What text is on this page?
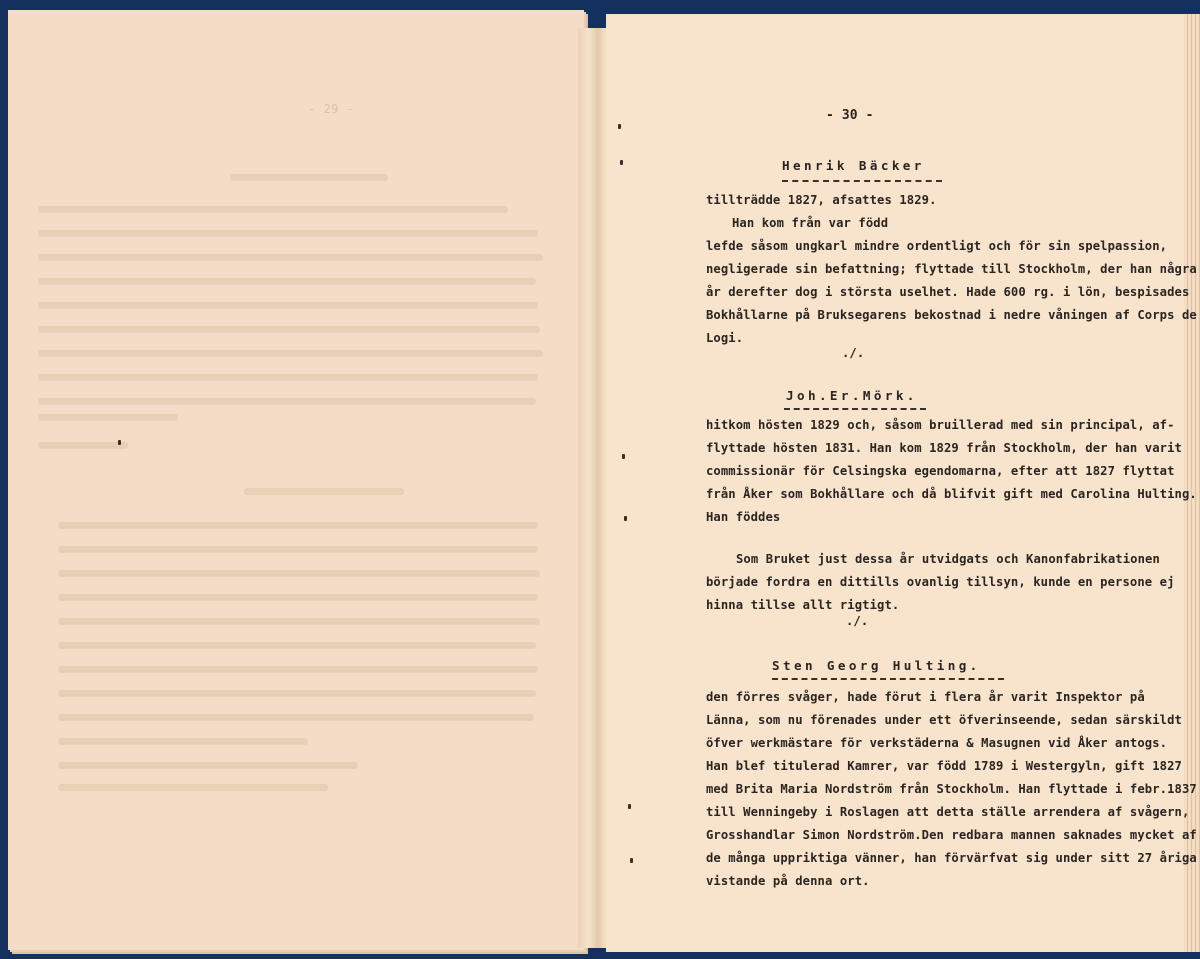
- 29 -	- 30 -
Henrik Bäcker
tillträdde 1827, afsattes 1829.
Han kom från var född
lefde såsom ungkarl mindre ordentligt och för sin spelpassion,
negligerade sin befattning; flyttade till Stockholm, der han några
år derefter dog i största uselhet. Hade 600 rg. i lön, bespisades
Bokhållarne på Bruksegarens bekostnad i nedre våningen af Corps de
Logi.
./.
Joh.Er.Mörk.
hitkom hösten 1829 och, såsom bruillerad med sin principal, af-
flyttade hösten 1831. Han kom 1829 från Stockholm, der han varit
commissionär för Celsingska egendomarna, efter att 1827 flyttat
från Åker som Bokhållare och då blifvit gift med Carolina Hulting.
Han föddes
Som Bruket just dessa år utvidgats och Kanonfabrikationen
började fordra en dittills ovanlig tillsyn, kunde en persone ej
hinna tillse allt rigtigt.
./.
Sten Georg Hulting.
den förres svåger, hade förut i flera år varit Inspektor på
Länna, som nu förenades under ett öfverinseende, sedan särskildt
öfver werkmästare för verkstäderna & Masugnen vid Åker antogs.
Han blef titulerad Kamrer, var född 1789 i Westergyln, gift 1827
med Brita Maria Nordström från Stockholm. Han flyttade i febr.1837
till Wenningeby i Roslagen att detta ställe arrendera af svågern,
Grosshandlar Simon Nordström.Den redbara mannen saknades mycket af
de många uppriktiga vänner, han förvärfvat sig under sitt 27 åriga
vistande på denna ort.
